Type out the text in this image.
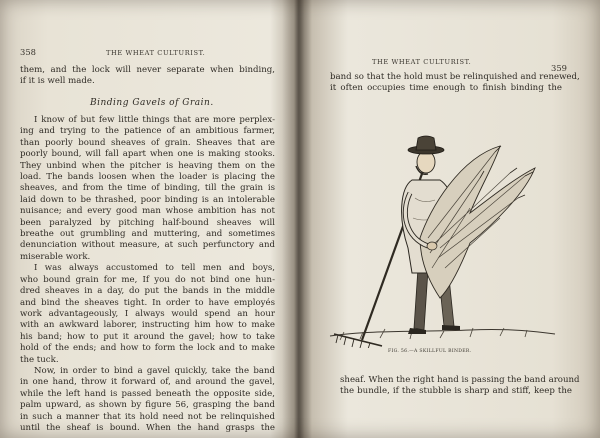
358	THE WHEAT CULTURIST.
them, and the lock will never separate when binding,
if it is well made.
Binding Gavels of Grain.

I know of but few little things that are more perplex-
ing and trying to the patience of an ambitious farmer,
than poorly bound sheaves of grain. Sheaves that are
poorly bound, will fall apart when one is making stooks.
They unbind when the pitcher is heaving them on the
load. The bands loosen when the loader is placing the
sheaves, and from the time of binding, till the grain is
laid down to be thrashed, poor binding is an intolerable
nuisance; and every good man whose ambition has not
been paralyzed by pitching half-bound sheaves will
breathe out grumbling and muttering, and sometimes
denunciation without measure, at such perfunctory and
miserable work.

I was always accustomed to tell men and boys,
who bound grain for me, If you do not bind one hun-
dred sheaves in a day, do put the bands in the middle
and bind the sheaves tight. In order to have employés
work advantageously, I always would spend an hour
with an awkward laborer, instructing him how to make
his band; how to put it around the gavel; how to take
hold of the ends; and how to form the lock and to make
the tuck.

Now, in order to bind a gavel quickly, take the band
in one hand, throw it forward of, and around the gavel,
while the left hand is passed beneath the opposite side,
palm upward, as shown by figure 56, grasping the band
in such a manner that its hold need not be relinquished
until the sheaf is bound. When the hand grasps the

THE WHEAT CULTURIST.
359
band so that the hold must be relinquished and renewed,
it often occupies time enough to finish binding the
FIG. 56.—A SKILLFUL BINDER.
sheaf. When the right hand is passing the band around
the bundle, if the stubble is sharp and stiff, keep the
